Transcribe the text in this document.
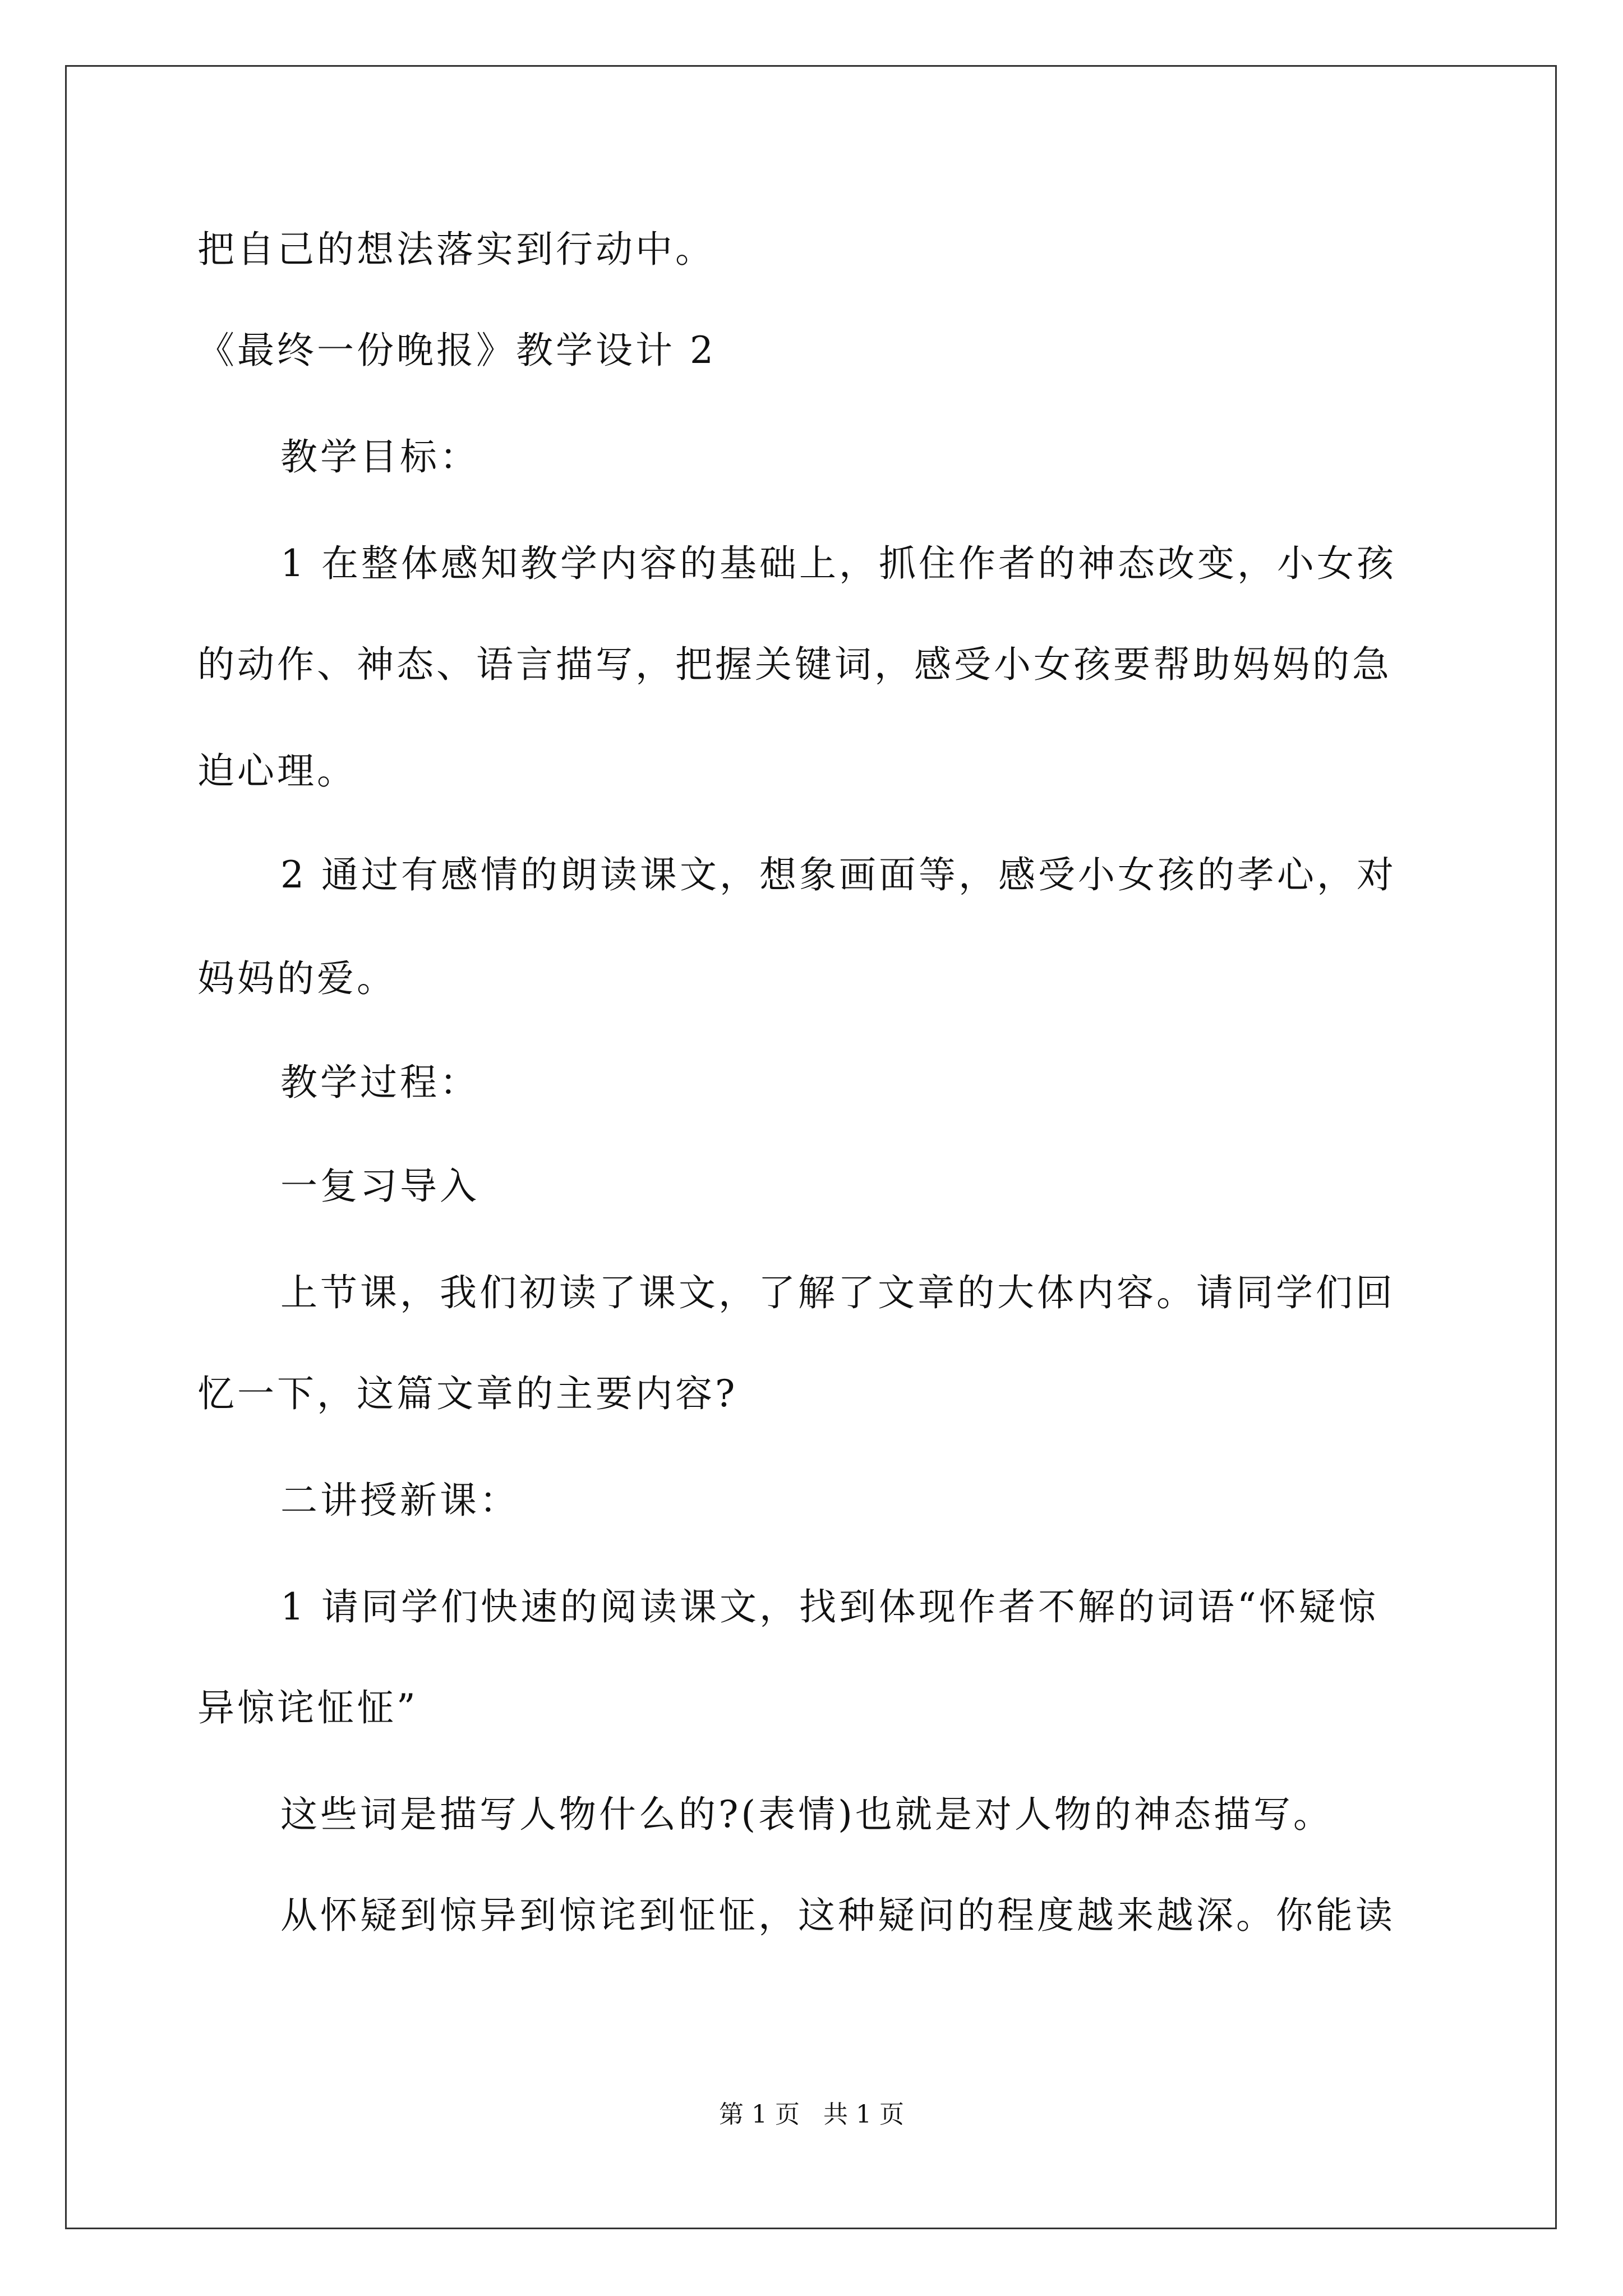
把自己的想法落实到行动中。
《最终一份晚报》教学设计 2
教学目标：
1 在整体感知教学内容的基础上，抓住作者的神态改变，小女孩
的动作、神态、语言描写，把握关键词，感受小女孩要帮助妈妈的急
迫心理。
2 通过有感情的朗读课文，想象画面等，感受小女孩的孝心，对
妈妈的爱。
教学过程：
一复习导入
上节课，我们初读了课文，了解了文章的大体内容。请同学们回
忆一下，这篇文章的主要内容?
二讲授新课：
1 请同学们快速的阅读课文，找到体现作者不解的词语“怀疑惊
异惊诧怔怔”
这些词是描写人物什么的?(表情)也就是对人物的神态描写。
从怀疑到惊异到惊诧到怔怔，这种疑问的程度越来越深。你能读
第 1 页   共 1 页
